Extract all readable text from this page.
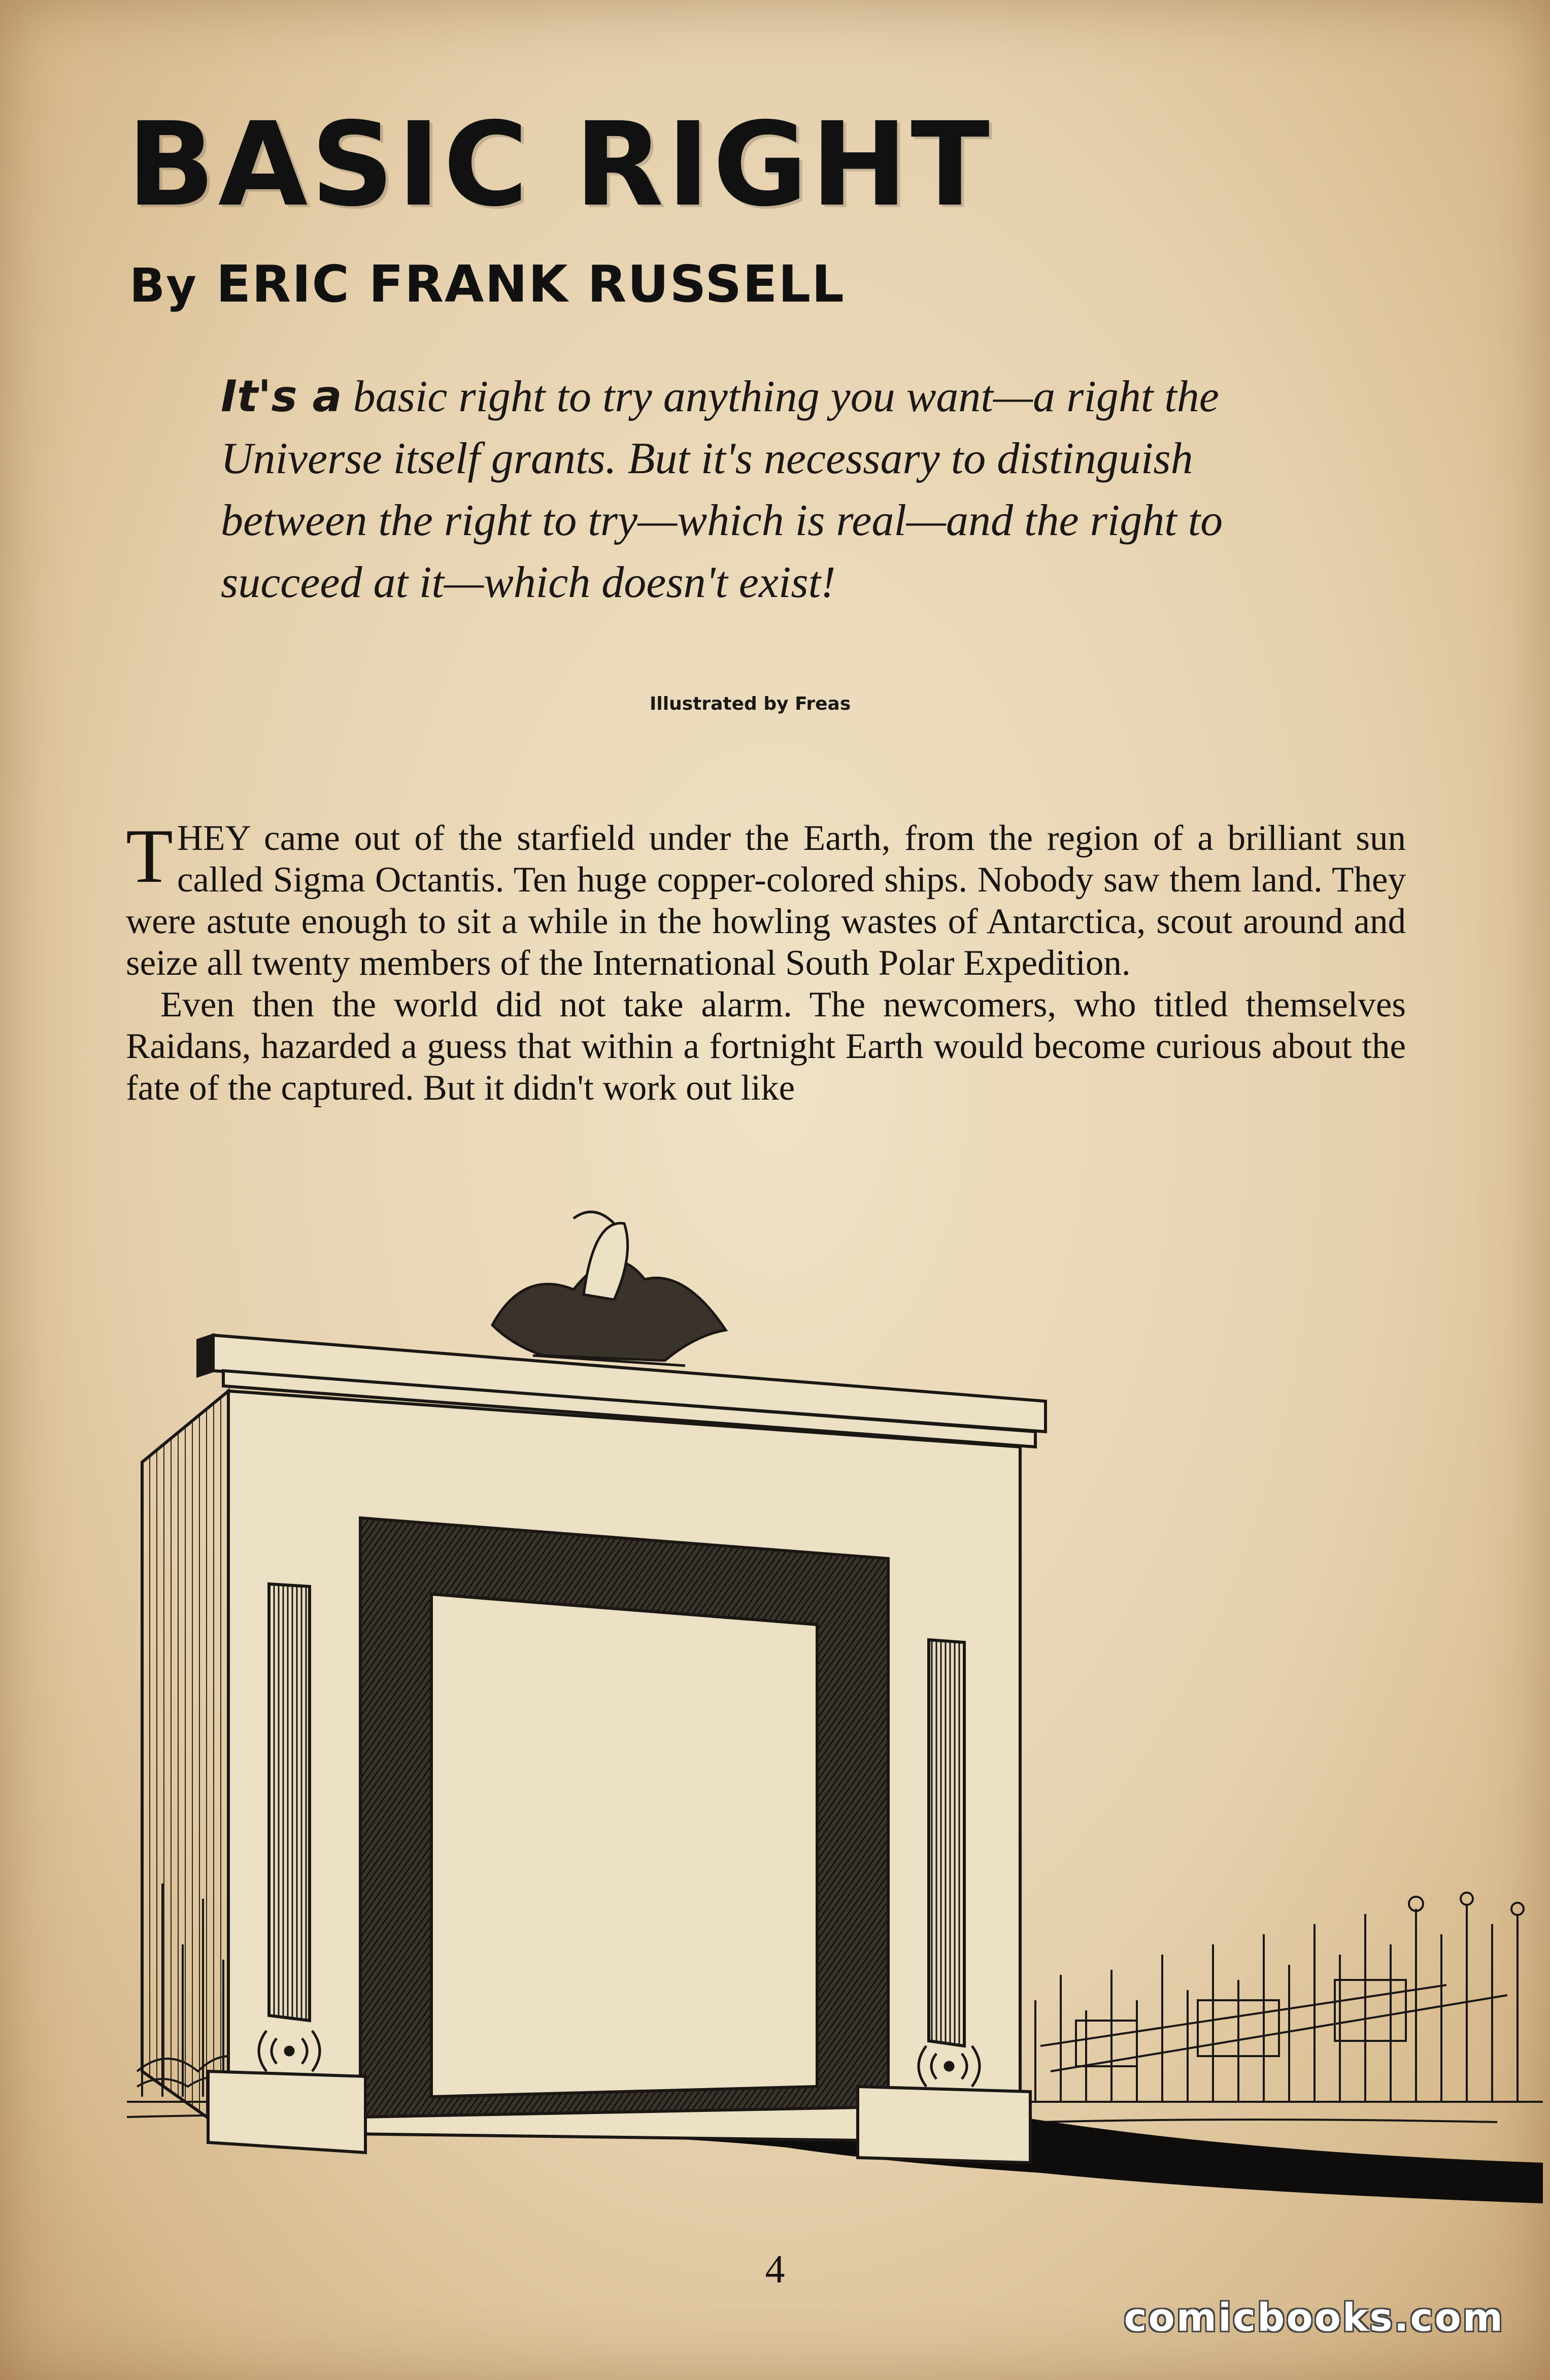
BASIC RIGHT
By ERIC FRANK RUSSELL

It's a basic right to try anything you want—a right the Universe itself grants. But it's necessary to distinguish between the right to try—which is real—and the right to succeed at it—which doesn't exist!

Illustrated by Freas

THEY came out of the starfield under the Earth, from the region of a brilliant sun called Sigma Octantis. Ten huge copper-colored ships. Nobody saw them land. They were astute enough to sit a while in the howling wastes of Antarctica, scout around and seize all twenty members of the International South Polar Expedition.

Even then the world did not take alarm. The newcomers, who titled themselves Raidans, hazarded a guess that within a fortnight Earth would become curious about the fate of the captured. But it didn't work out like

4
comicbooks.com
